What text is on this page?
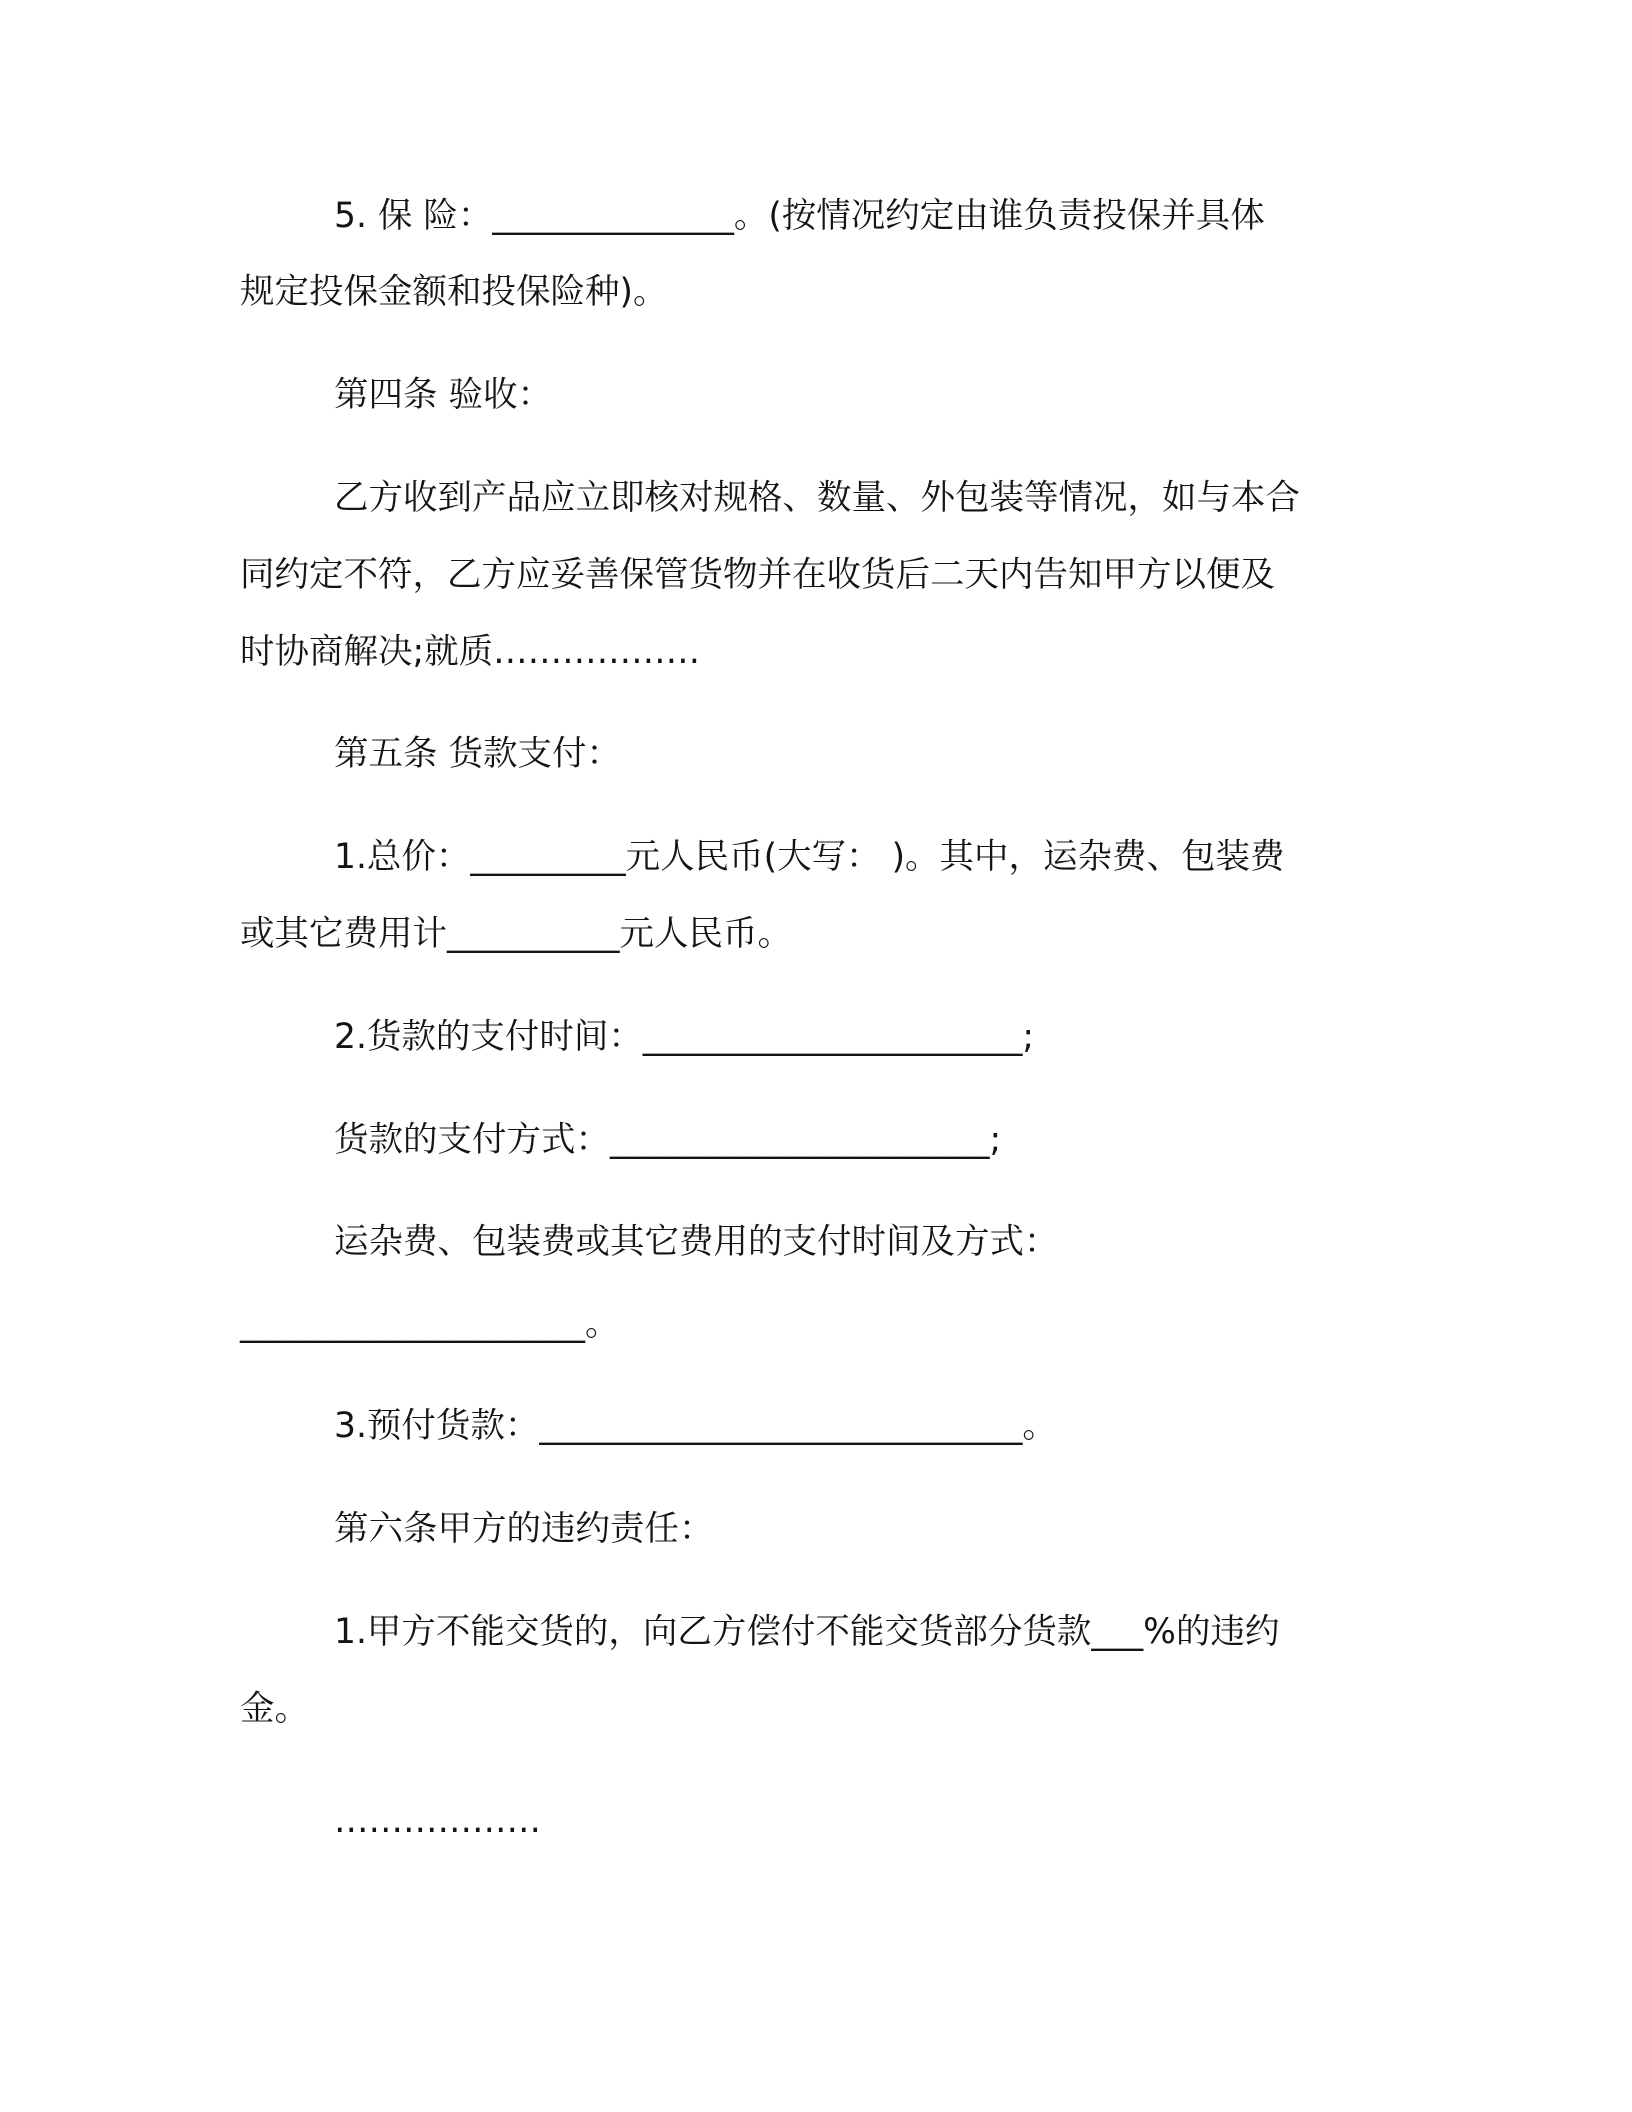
5. 保 险：______________。(按情况约定由谁负责投保并具体
规定投保金额和投保险种)。
第四条 验收：
乙方收到产品应立即核对规格、数量、外包装等情况，如与本合
同约定不符，乙方应妥善保管货物并在收货后二天内告知甲方以便及
时协商解决;就质………………
第五条 货款支付：
1.总价：_________元人民币(大写： )。其中，运杂费、包装费
或其它费用计__________元人民币。
2.货款的支付时间：______________________;
货款的支付方式：______________________;
运杂费、包装费或其它费用的支付时间及方式：
____________________。
3.预付货款：____________________________。
第六条甲方的违约责任：
1.甲方不能交货的，向乙方偿付不能交货部分货款___%的违约
金。
………………
